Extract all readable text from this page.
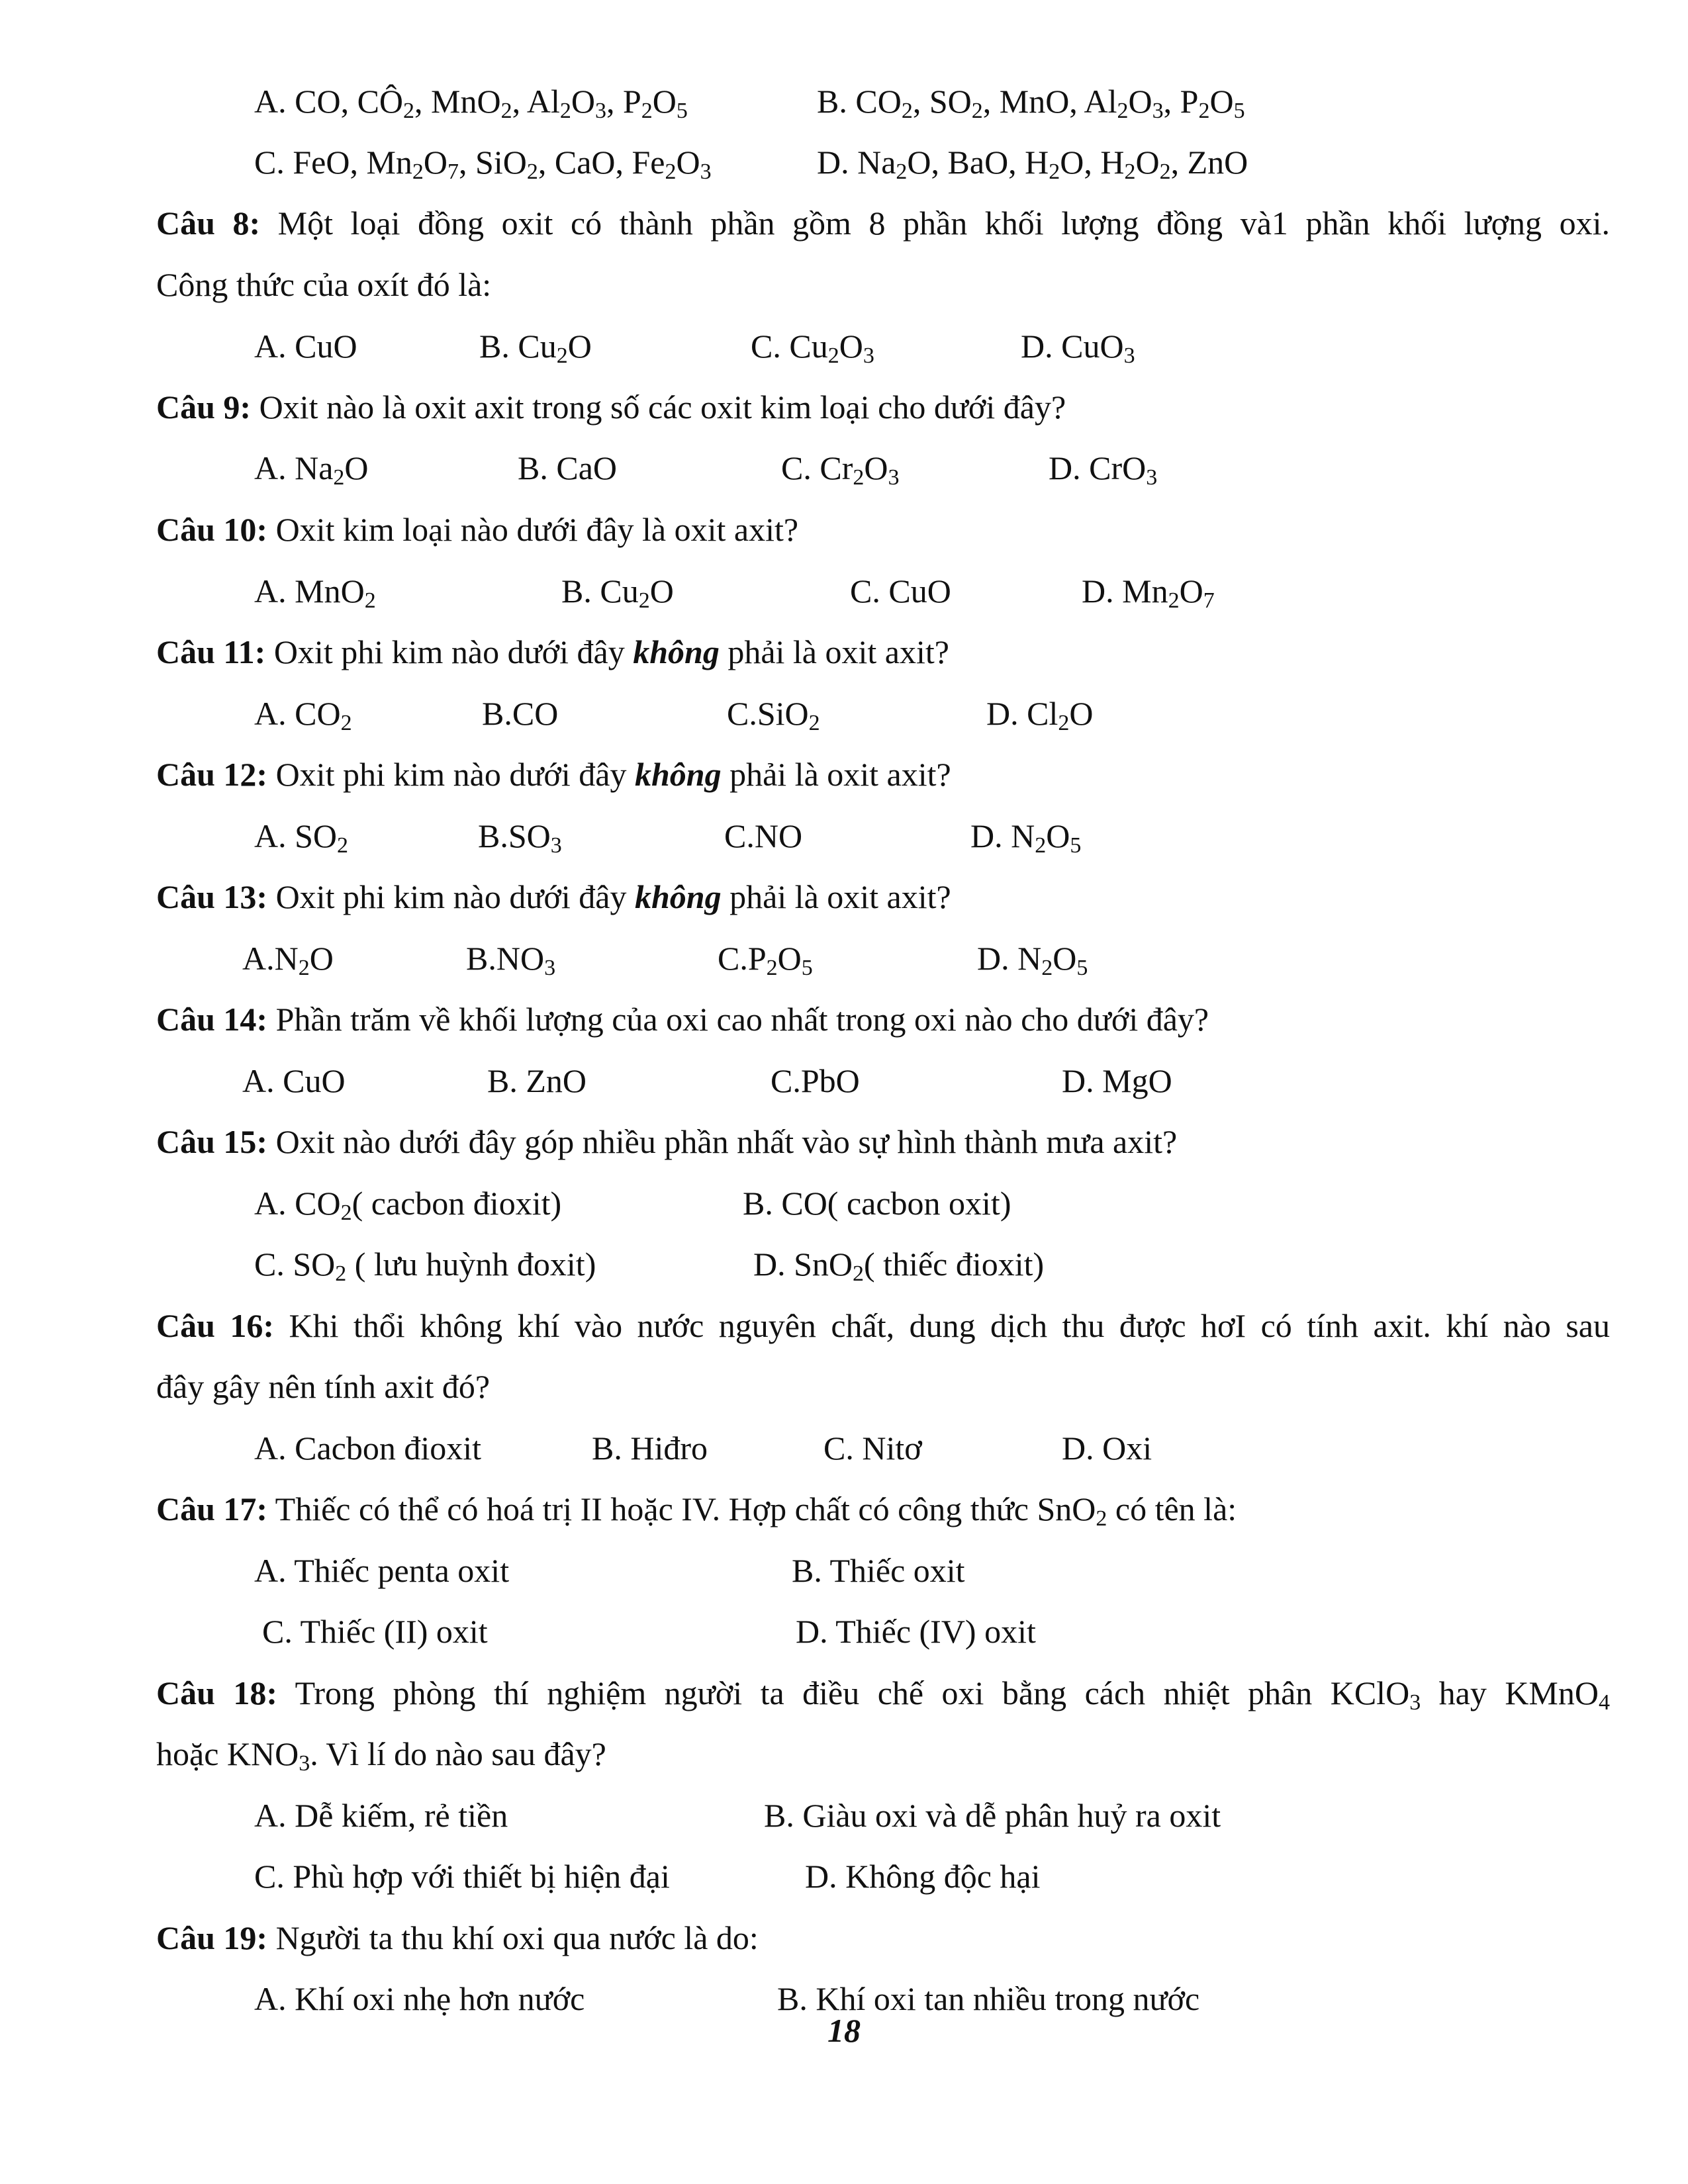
A. CO, $CÔ_2$, MnO$_2$, $Al_2O_3$, $P_2O_5$	B. $CO_2$, $SO_2$, MnO, $Al_2O_3$, $P_2O_5$
C. FeO, $Mn_2O_7$, SiO$_2$, CaO, $Fe_2O_3$	D. $Na_2O$, BaO, $H_2O$, $H_2O_2$, ZnO
Câu 8: Một loại đồng oxit có thành phần gồm 8 phần khối lượng đồng và1 phần khối lượng oxi.
Công thức của oxít đó là:
A. CuO	B. $Cu_2O$	C. $Cu_2O_3$	D. CuO$_3$
Câu 9: Oxit nào là oxit axit trong số các oxit kim loại cho dưới đây?
A. $Na_2O$	B. CaO	C. $Cr_2O_3$	D. CrO$_3$
Câu 10: Oxit kim loại nào dưới đây là oxit axit?
A. MnO$_2$	B. $Cu_2O$	C. CuO	D. $Mn_2O_7$
Câu 11: Oxit phi kim nào dưới đây không phải là oxit axit?
A. $CO_2$	B.CO	C.SiO$_2$	D. $Cl_2O$
Câu 12: Oxit phi kim nào dưới đây không phải là oxit axit?
A. $SO_2$	$B.SO_3$	C.NO	D. $N_2O_5$
Câu 13: Oxit phi kim nào dưới đây không phải là oxit axit?
$A.N_2O$	$B.NO_3$	$C.P_2O_5$	D. $N_2O_5$
Câu 14: Phần trăm về khối lượng của oxi cao nhất trong oxi nào cho dưới đây?
A. CuO	B. ZnO	C.PbO	D. MgO
Câu 15: Oxit nào dưới đây góp nhiều phần nhất vào sự hình thành mưa axit?
A. $CO_2$( cacbon đioxit)	B. CO( cacbon oxit)
C. $SO_2$ ( lưu huỳnh đoxit)	D. SnO$_2$( thiếc đioxit)
Câu 16: Khi thổi không khí vào nước nguyên chất, dung dịch thu được hơI có tính axit. khí nào sau
đây gây nên tính axit đó?
A. Cacbon đioxit	B. Hiđro	C. Nitơ	D. Oxi
Câu 17: Thiếc có thể có hoá trị II hoặc IV. Hợp chất có công thức SnO$_2$ có tên là:
A. Thiếc penta oxit	B. Thiếc oxit
C. Thiếc (II) oxit	D. Thiếc (IV) oxit
Câu 18: Trong phòng thí nghiệm người ta điều chế oxi bằng cách nhiệt phân KClO$_3$ hay KMnO$_4$
hoặc $KNO_3$. Vì lí do nào sau đây?
A. Dễ kiếm, rẻ tiền	B. Giàu oxi và dễ phân huỷ ra oxit
C. Phù hợp với thiết bị hiện đại	D. Không độc hại
Câu 19: Người ta thu khí oxi qua nước là do:
A. Khí oxi nhẹ hơn nước	B. Khí oxi tan nhiều trong nước
18
